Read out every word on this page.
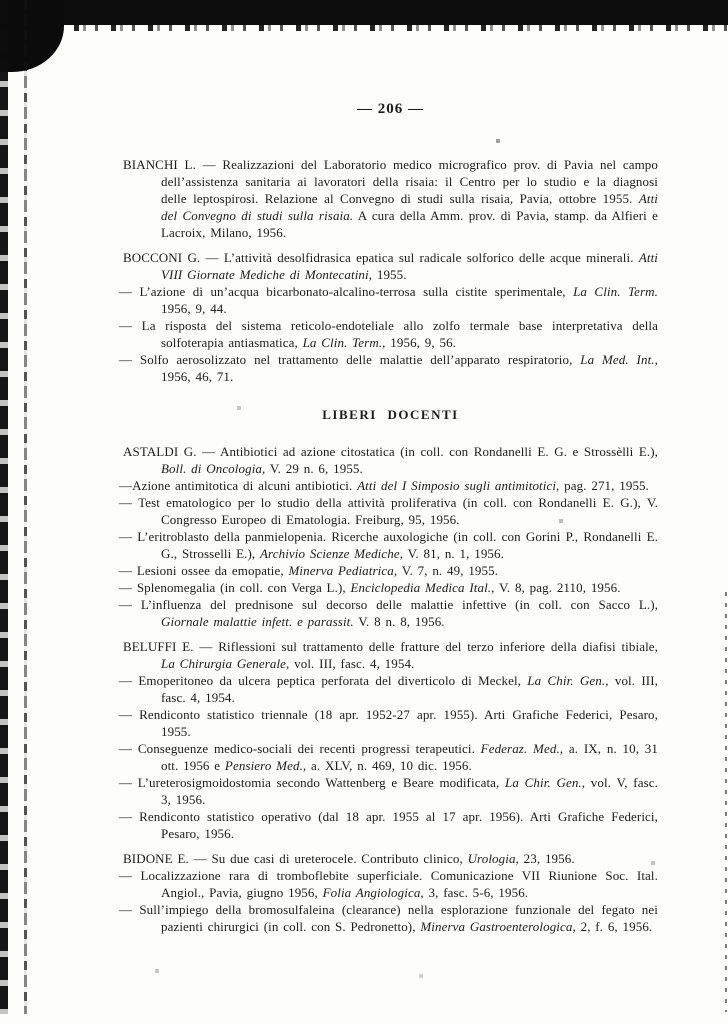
— 206 —

BIANCHI L. — Realizzazioni del Laboratorio medico micrografico prov. di Pavia nel campo dell’assistenza sanitaria ai lavoratori della risaia: il Centro per lo studio e la diagnosi delle leptospirosi. Relazione al Convegno di studi sulla risaia, Pavia, ottobre 1955. Atti del Convegno di studi sulla risaia. A cura della Amm. prov. di Pavia, stamp. da Alfieri e Lacroix, Milano, 1956.

BOCCONI G. — L’attività desolfidrasica epatica sul radicale solforico delle acque minerali. Atti VIII Giornate Mediche di Montecatini, 1955.

— L’azione di un’acqua bicarbonato-alcalino-terrosa sulla cistite sperimentale, La Clin. Term. 1956, 9, 44.

— La risposta del sistema reticolo-endoteliale allo zolfo termale base interpretativa della solfoterapia antiasmatica, La Clin. Term., 1956, 9, 56.

— Solfo aerosolizzato nel trattamento delle malattie dell’apparato respiratorio, La Med. Int., 1956, 46, 71.

LIBERI DOCENTI

ASTALDI G. — Antibiotici ad azione citostatica (in coll. con Rondanelli E. G. e Strossèlli E.), Boll. di Oncologia, V. 29 n. 6, 1955.

—Azione antimitotica di alcuni antibiotici. Atti del I Simposio sugli antimitotici, pag. 271, 1955.

— Test ematologico per lo studio della attività proliferativa (in coll. con Rondanelli E. G.), V. Congresso Europeo di Ematologia. Freiburg, 95, 1956.

— L’eritroblasto della panmielopenia. Ricerche auxologiche (in coll. con Gorini P., Rondanelli E. G., Strosselli E.), Archivio Scienze Mediche, V. 81, n. 1, 1956.

— Lesioni ossee da emopatie, Minerva Pediatrica, V. 7, n. 49, 1955.

— Splenomegalia (in coll. con Verga L.), Enciclopedia Medica Ital., V. 8, pag. 2110, 1956.

— L’influenza del prednisone sul decorso delle malattie infettive (in coll. con Sacco L.), Giornale malattie infett. e parassit. V. 8 n. 8, 1956.

BELUFFI E. — Riflessioni sul trattamento delle fratture del terzo inferiore della diafisi tibiale, La Chirurgia Generale, vol. III, fasc. 4, 1954.

— Emoperitoneo da ulcera peptica perforata del diverticolo di Meckel, La Chir. Gen., vol. III, fasc. 4, 1954.

— Rendiconto statistico triennale (18 apr. 1952-27 apr. 1955). Arti Grafiche Federici, Pesaro, 1955.

— Conseguenze medico-sociali dei recenti progressi terapeutici. Federaz. Med., a. IX, n. 10, 31 ott. 1956 e Pensiero Med., a. XLV, n. 469, 10 dic. 1956.

— L’ureterosigmoidostomia secondo Wattenberg e Beare modificata, La Chir. Gen., vol. V, fasc. 3, 1956.

— Rendiconto statistico operativo (dal 18 apr. 1955 al 17 apr. 1956). Arti Grafiche Federici, Pesaro, 1956.

BIDONE E. — Su due casi di ureterocele. Contributo clinico, Urologia, 23, 1956.

— Localizzazione rara di tromboflebite superficiale. Comunicazione VII Riunione Soc. Ital. Angiol., Pavia, giugno 1956, Folia Angiologica, 3, fasc. 5-6, 1956.

— Sull’impiego della bromosulfaleina (clearance) nella esplorazione funzionale del fegato nei pazienti chirurgici (in coll. con S. Pedronetto), Minerva Gastroenterologica, 2, f. 6, 1956.
